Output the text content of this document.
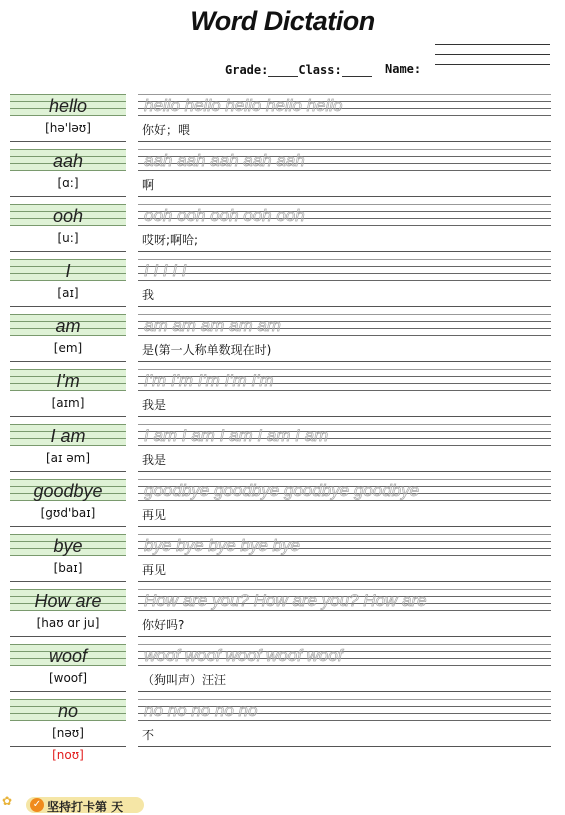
Word Dictation
Grade:	Class:	Name:
hello	hello hello hello hello hello
[hə'ləʊ]	你好；喂
aah	aah aah aah aah aah
[ɑ:]	啊
ooh	ooh ooh ooh ooh ooh
[u:]	哎呀;啊哈;
I	I I I I I
[aɪ]	我
am	am am am am am
[em]	是(第一人称单数现在时)
I'm	I'm I'm I'm I'm I'm
[aɪm]	我是
I am	I am I am I am I am I am
[aɪ əm]	我是
goodbye	goodbye goodbye goodbye goodbye
[gʊd'baɪ]	再见
bye	bye bye bye bye bye
[baɪ]	再见
How are	How are you? How are you? How are
[haʊ ɑr ju]	你好吗?
woof	woof woof woof woof woof
[woof]	（狗叫声）汪汪
no	no no no no no
[nəʊ]	不
[noʊ]
✿ ✓ 坚持打卡第 天
